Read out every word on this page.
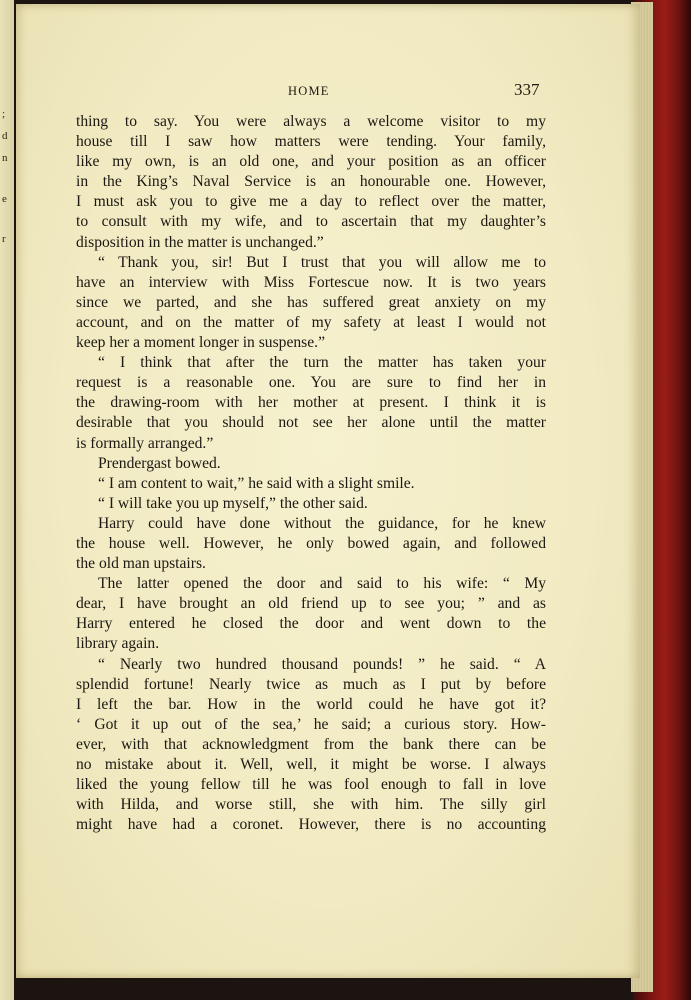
;
d
n
e
r
HOME	337
thing to say. You were always a welcome visitor to my
house till I saw how matters were tending. Your family,
like my own, is an old one, and your position as an officer
in the King’s Naval Service is an honourable one. However,
I must ask you to give me a day to reflect over the matter,
to consult with my wife, and to ascertain that my daughter’s
disposition in the matter is unchanged.”
“ Thank you, sir! But I trust that you will allow me to
have an interview with Miss Fortescue now. It is two years
since we parted, and she has suffered great anxiety on my
account, and on the matter of my safety at least I would not
keep her a moment longer in suspense.”
“ I think that after the turn the matter has taken your
request is a reasonable one. You are sure to find her in
the drawing-room with her mother at present. I think it is
desirable that you should not see her alone until the matter
is formally arranged.”
Prendergast bowed.
“ I am content to wait,” he said with a slight smile.
“ I will take you up myself,” the other said.
Harry could have done without the guidance, for he knew
the house well. However, he only bowed again, and followed
the old man upstairs.
The latter opened the door and said to his wife: “ My
dear, I have brought an old friend up to see you; ” and as
Harry entered he closed the door and went down to the
library again.
“ Nearly two hundred thousand pounds! ” he said. “ A
splendid fortune! Nearly twice as much as I put by before
I left the bar. How in the world could he have got it?
‘ Got it up out of the sea,’ he said; a curious story. How-
ever, with that acknowledgment from the bank there can be
no mistake about it. Well, well, it might be worse. I always
liked the young fellow till he was fool enough to fall in love
with Hilda, and worse still, she with him. The silly girl
might have had a coronet. However, there is no accounting
